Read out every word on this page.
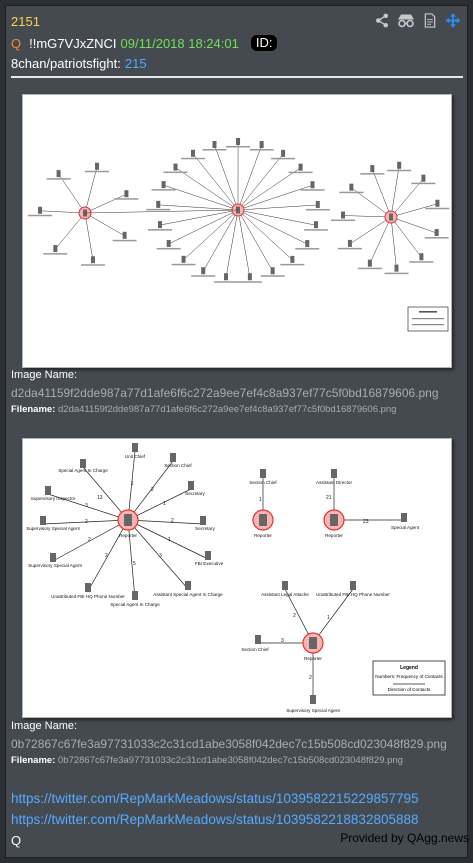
2151
Q !!mG7VJxZNCI 09/11/2018 18:24:01	ID:
8chan/patriotsfight: 215
Image Name:
d2da41159f2dde987a77d1afe6f6c272a9ee7ef4c8a937ef77c5f0bd16879606.png
Filename: d2da41159f2dde987a77d1afe6f6c272a9ee7ef4c8a937ef77c5f0bd16879606.png
1
13
2
3	1
2	2
2	1
2
5
3
1	21
23
2	1
3
2
Unit Chief
Special Agent In Charge
Section Chief
Supervisory Inspector
Secretary
Supervisory Special Agent
Reporter
Secretary
Supervisory Special Agent	FBI Executive
Unattributed FBI HQ Phone Number
Special Agent In Charge
Assistant Special Agent In Charge
Section Chief
Reporter
Assistant Director
Reporter
Special Agent
Assistant Legal Attache Unattributed FBI HQ Phone Number
Section Chief
Reporter
Supervisory Special Agent
Legend
Numbers: Frequency of Contacts
Direction of Contacts
Image Name:
0b72867c67fe3a97731033c2c31cd1abe3058f042dec7c15b508cd023048f829.png
Filename: 0b72867c67fe3a97731033c2c31cd1abe3058f042dec7c15b508cd023048f829.png
https://twitter.com/RepMarkMeadows/status/1039582215229857795
https://twitter.com/RepMarkMeadows/status/1039582218832805888
Q	Provided by QAgg.news
